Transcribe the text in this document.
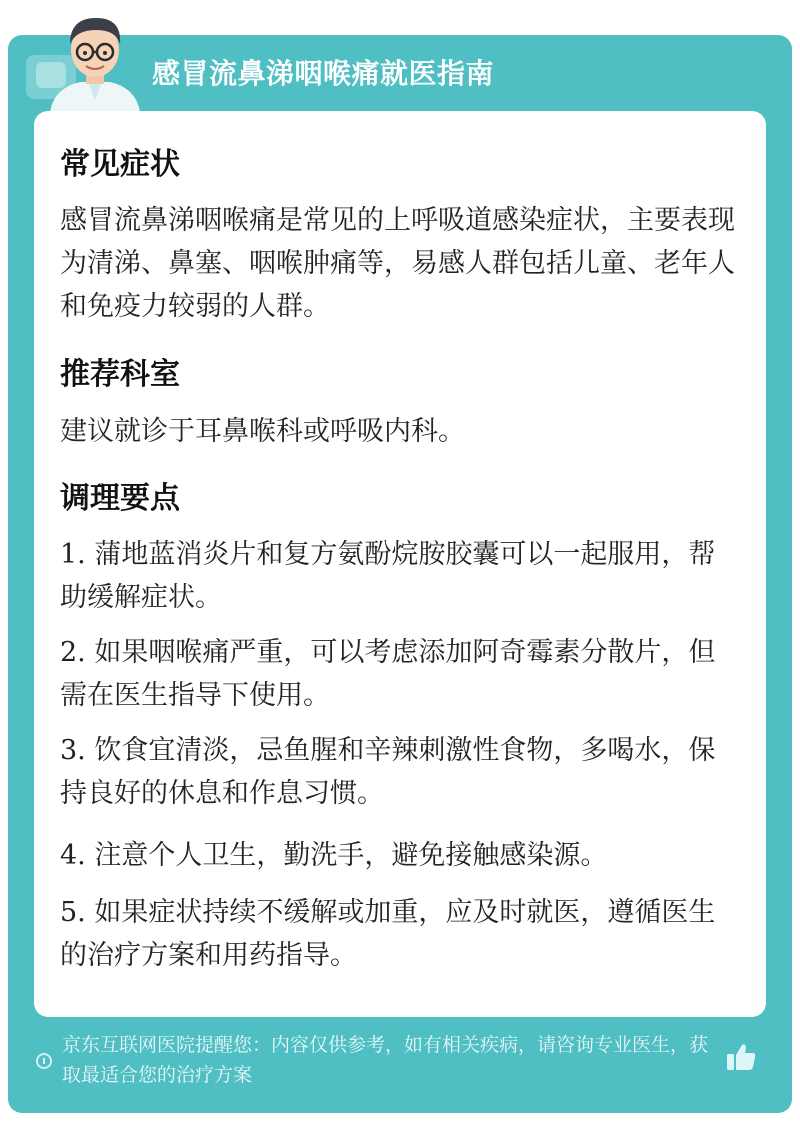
感冒流鼻涕咽喉痛就医指南
常见症状
感冒流鼻涕咽喉痛是常见的上呼吸道感染症状，主要表现为清涕、鼻塞、咽喉肿痛等，易感人群包括儿童、老年人和免疫力较弱的人群。
推荐科室
建议就诊于耳鼻喉科或呼吸内科。
调理要点
1. 蒲地蓝消炎片和复方氨酚烷胺胶囊可以一起服用，帮助缓解症状。
2. 如果咽喉痛严重，可以考虑添加阿奇霉素分散片，但需在医生指导下使用。
3. 饮食宜清淡，忌鱼腥和辛辣刺激性食物，多喝水，保持良好的休息和作息习惯。
4. 注意个人卫生，勤洗手，避免接触感染源。
5. 如果症状持续不缓解或加重，应及时就医，遵循医生的治疗方案和用药指导。
京东互联网医院提醒您：内容仅供参考，如有相关疾病，请咨询专业医生，获取最适合您的治疗方案
